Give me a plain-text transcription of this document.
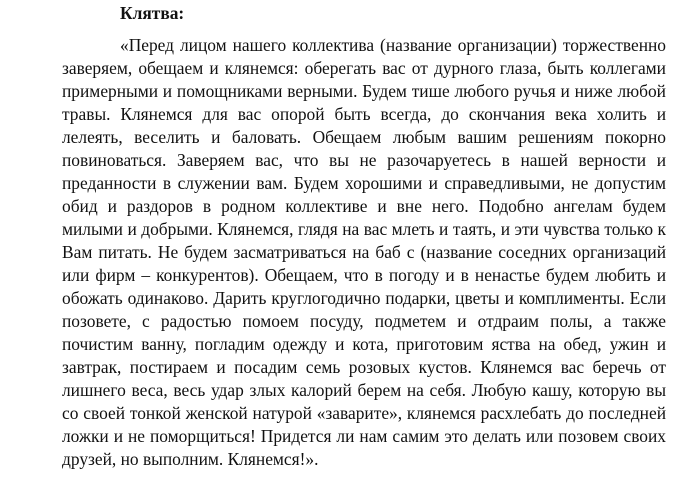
Клятва:

«Перед лицом нашего коллектива (название организации) торжественно заверяем, обещаем и клянемся: оберегать вас от дурного глаза, быть коллегами примерными и помощниками верными. Будем тише любого ручья и ниже любой травы. Клянемся для вас опорой быть всегда, до скончания века холить и лелеять, веселить и баловать. Обещаем любым вашим решениям покорно повиноваться. Заверяем вас, что вы не разочаруетесь в нашей верности и преданности в служении вам. Будем хорошими и справедливыми, не допустим обид и раздоров в родном коллективе и вне него. Подобно ангелам будем милыми и добрыми. Клянемся, глядя на вас млеть и таять, и эти чувства только к Вам питать. Не будем засматриваться на баб с (название соседних организаций или фирм – конкурентов). Обещаем, что в погоду и в ненастье будем любить и обожать одинаково. Дарить круглогодично подарки, цветы и комплименты. Если позовете, с радостью помоем посуду, подметем и отдраим полы, а также почистим ванну, погладим одежду и кота, приготовим яства на обед, ужин и завтрак, постираем и посадим семь розовых кустов. Клянемся вас беречь от лишнего веса, весь удар злых калорий берем на себя. Любую кашу, которую вы со своей тонкой женской натурой «заварите», клянемся расхлебать до последней ложки и не поморщиться! Придется ли нам самим это делать или позовем своих друзей, но выполним. Клянемся!».
